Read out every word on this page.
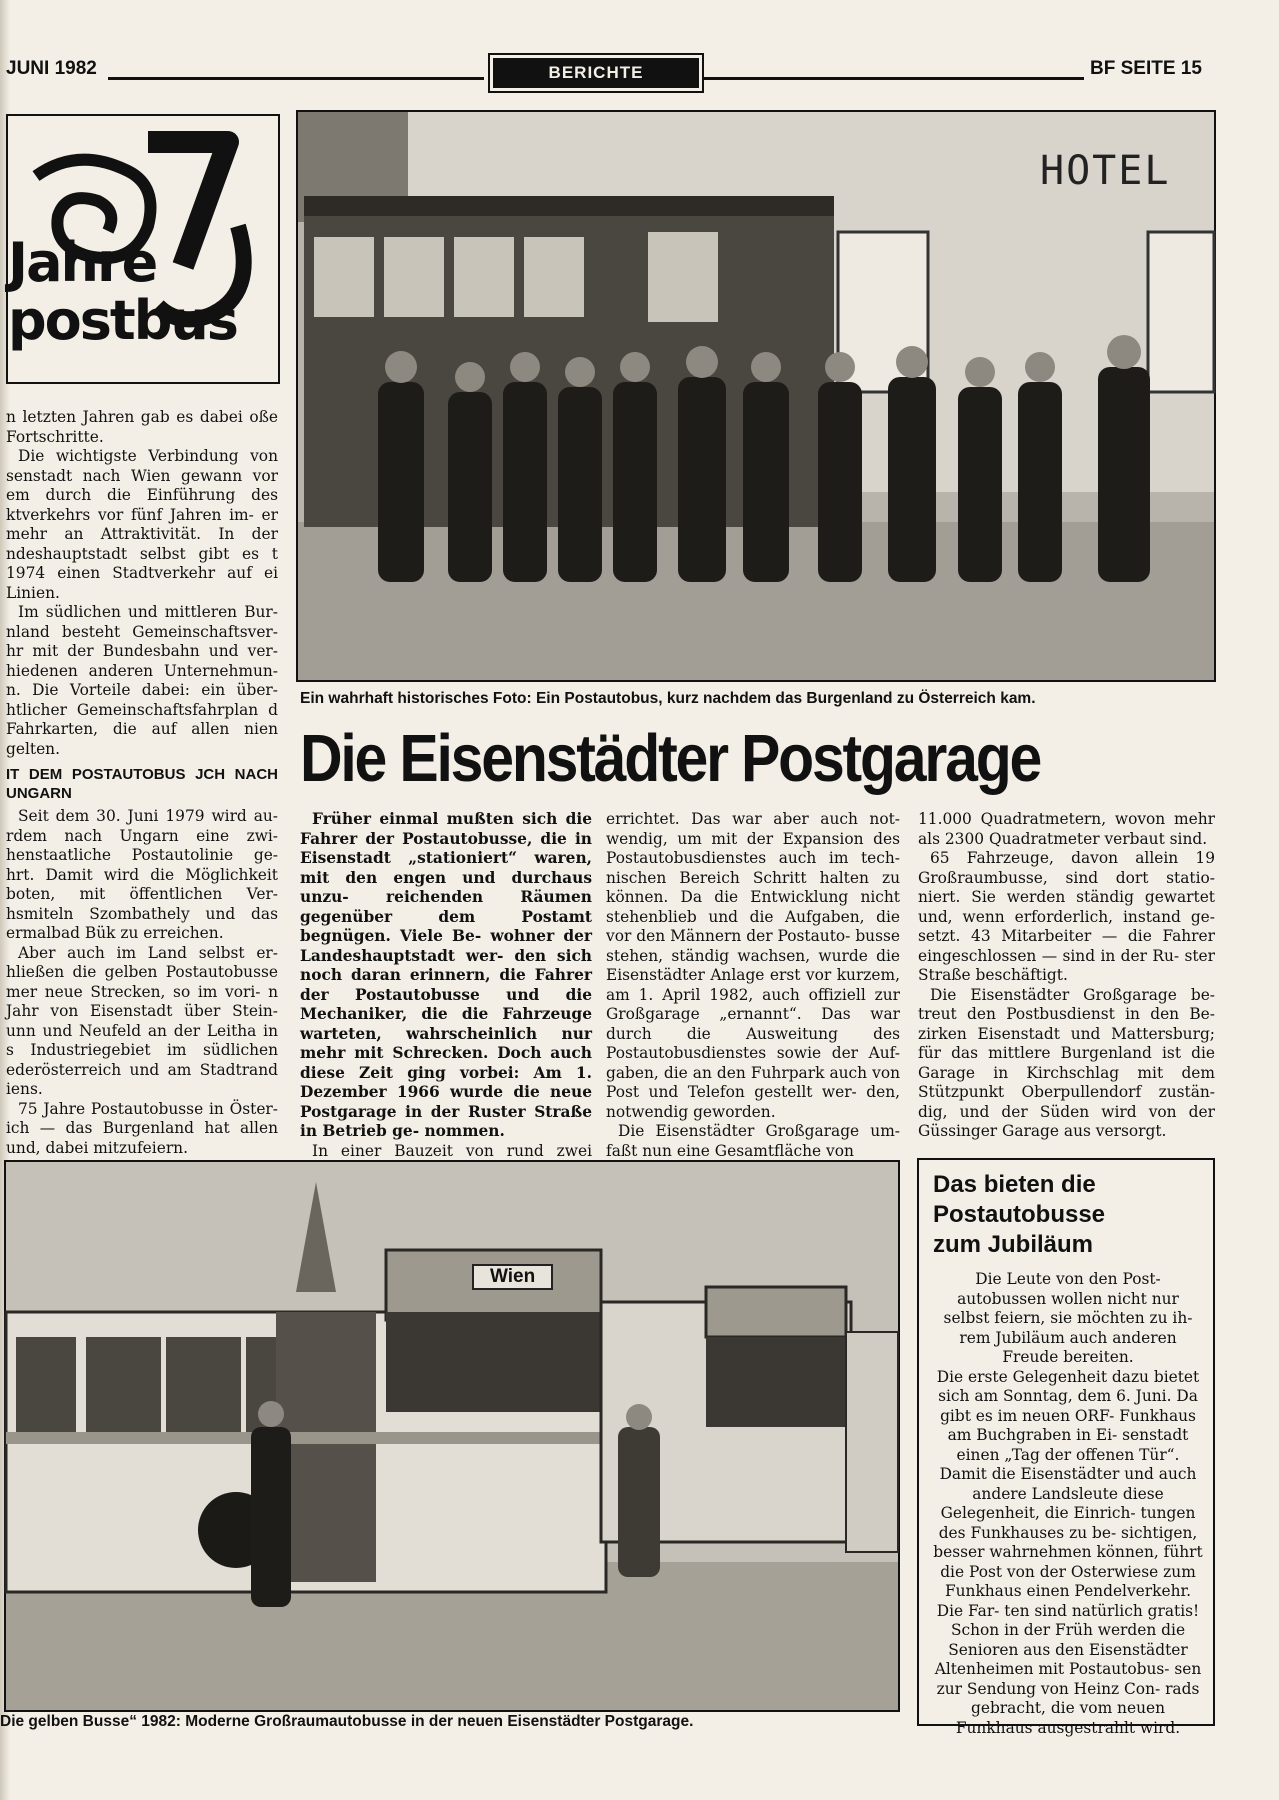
JUNI 1982	BERICHTE	BF SEITE 15
Jahre
postbus

n letzten Jahren gab es dabei oße Fortschritte.

Die wichtigste Verbindung von senstadt nach Wien gewann vor em durch die Einführung des ktverkehrs vor fünf Jahren im- er mehr an Attraktivität. In der ndeshauptstadt selbst gibt es t 1974 einen Stadtverkehr auf ei Linien.

Im südlichen und mittleren Bur- nland besteht Gemeinschaftsver- hr mit der Bundesbahn und ver- hiedenen anderen Unternehmun- n. Die Vorteile dabei: ein über- htlicher Gemeinschaftsfahrplan d Fahrkarten, die auf allen nien gelten.

IT DEM POSTAUTOBUS JCH NACH UNGARN

Seit dem 30. Juni 1979 wird au- rdem nach Ungarn eine zwi- henstaatliche Postautolinie ge- hrt. Damit wird die Möglichkeit boten, mit öffentlichen Ver- hsmiteln Szombathely und das ermalbad Bük zu erreichen.

Aber auch im Land selbst er- hließen die gelben Postautobusse mer neue Strecken, so im vori- n Jahr von Eisenstadt über Stein- unn und Neufeld an der Leitha in s Industriegebiet im südlichen ederösterreich und am Stadtrand iens.

75 Jahre Postautobusse in Öster- ich — das Burgenland hat allen und, dabei mitzufeiern.

HOTEL
Ein wahrhaft historisches Foto: Ein Postautobus, kurz nachdem das Burgenland zu Österreich kam.
Die Eisenstädter Postgarage

Früher einmal mußten sich die Fahrer der Postautobusse, die in Eisenstadt „stationiert“ waren, mit den engen und durchaus unzu- reichenden Räumen gegenüber dem Postamt begnügen. Viele Be- wohner der Landeshauptstadt wer- den sich noch daran erinnern, die Fahrer der Postautobusse und die Mechaniker, die die Fahrzeuge warteten, wahrscheinlich nur mehr mit Schrecken. Doch auch diese Zeit ging vorbei: Am 1. Dezember 1966 wurde die neue Postgarage in der Ruster Straße in Betrieb ge- nommen.

In einer Bauzeit von rund zwei

errichtet. Das war aber auch not- wendig, um mit der Expansion des Postautobusdienstes auch im tech- nischen Bereich Schritt halten zu können. Da die Entwicklung nicht stehenblieb und die Aufgaben, die vor den Männern der Postauto- busse stehen, ständig wachsen, wurde die Eisenstädter Anlage erst vor kurzem, am 1. April 1982, auch offiziell zur Großgarage „ernannt“. Das war durch die Ausweitung des Postautobusdienstes sowie der Auf- gaben, die an den Fuhrpark auch von Post und Telefon gestellt wer- den, notwendig geworden.

Die Eisenstädter Großgarage um- faßt nun eine Gesamtfläche von

11.000 Quadratmetern, wovon mehr als 2300 Quadratmeter verbaut sind.

65 Fahrzeuge, davon allein 19 Großraumbusse, sind dort statio- niert. Sie werden ständig gewartet und, wenn erforderlich, instand ge- setzt. 43 Mitarbeiter — die Fahrer eingeschlossen — sind in der Ru- ster Straße beschäftigt.

Die Eisenstädter Großgarage be- treut den Postbusdienst in den Be- zirken Eisenstadt und Mattersburg; für das mittlere Burgenland ist die Garage in Kirchschlag mit dem Stützpunkt Oberpullendorf zustän- dig, und der Süden wird von der Güssinger Garage aus versorgt.

Wien
Die gelben Busse“ 1982: Moderne Großraumautobusse in der neuen Eisenstädter Postgarage.
Das bieten die
Postautobusse
zum Jubiläum

Die Leute von den Post- autobussen wollen nicht nur selbst feiern, sie möchten zu ih- rem Jubiläum auch anderen Freude bereiten.

Die erste Gelegenheit dazu bietet sich am Sonntag, dem 6. Juni. Da gibt es im neuen ORF- Funkhaus am Buchgraben in Ei- senstadt einen „Tag der offenen Tür“. Damit die Eisenstädter und auch andere Landsleute diese Gelegenheit, die Einrich- tungen des Funkhauses zu be- sichtigen, besser wahrnehmen können, führt die Post von der Osterwiese zum Funkhaus einen Pendelverkehr. Die Far- ten sind natürlich gratis!

Schon in der Früh werden die Senioren aus den Eisenstädter Altenheimen mit Postautobus- sen zur Sendung von Heinz Con- rads gebracht, die vom neuen Funkhaus ausgestrahlt wird.
